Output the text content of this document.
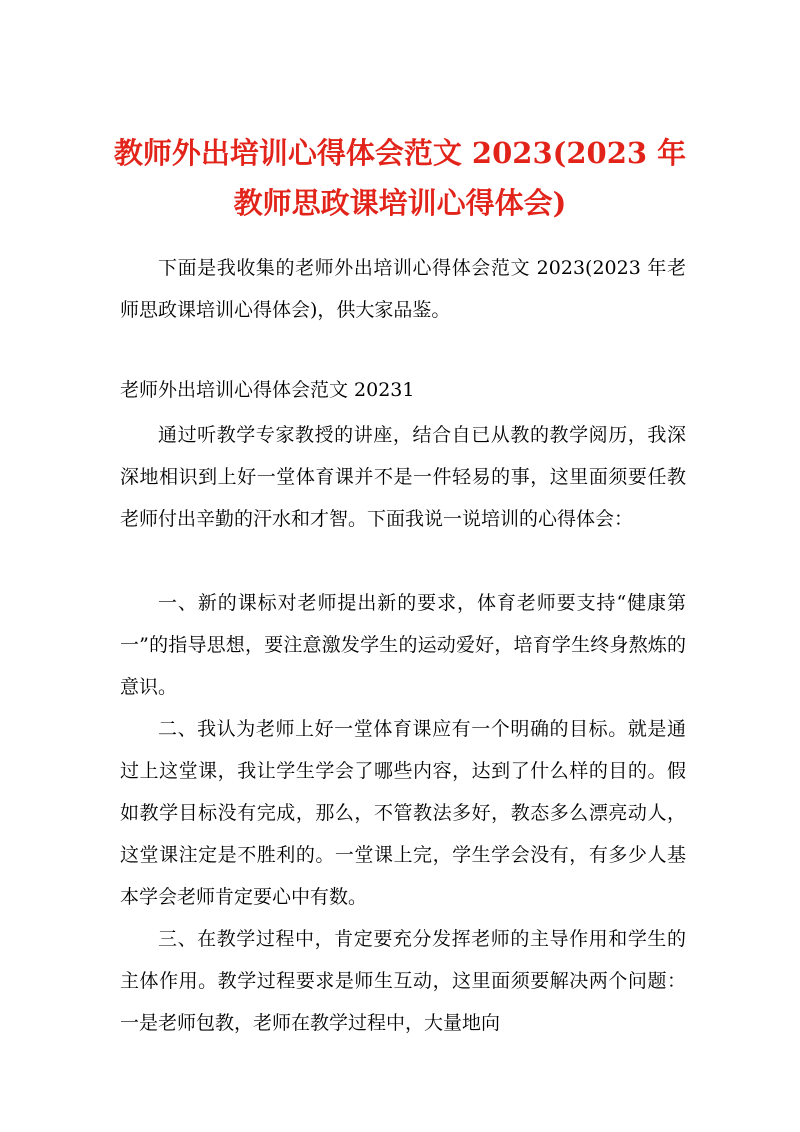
教师外出培训心得体会范文 2023(2023 年教师思政课培训心得体会)

下面是我收集的老师外出培训心得体会范文 2023(2023 年老师思政课培训心得体会)，供大家品鉴。

老师外出培训心得体会范文 20231

通过听教学专家教授的讲座，结合自已从教的教学阅历，我深深地相识到上好一堂体育课并不是一件轻易的事，这里面须要任教老师付出辛勤的汗水和才智。下面我说一说培训的心得体会：

一、新的课标对老师提出新的要求，体育老师要支持“健康第一”的指导思想，要注意激发学生的运动爱好，培育学生终身熬炼的意识。

二、我认为老师上好一堂体育课应有一个明确的目标。就是通过上这堂课，我让学生学会了哪些内容，达到了什么样的目的。假如教学目标没有完成，那么，不管教法多好，教态多么漂亮动人，这堂课注定是不胜利的。一堂课上完，学生学会没有，有多少人基本学会老师肯定要心中有数。

三、在教学过程中，肯定要充分发挥老师的主导作用和学生的主体作用。教学过程要求是师生互动，这里面须要解决两个问题：一是老师包教，老师在教学过程中，大量地向
